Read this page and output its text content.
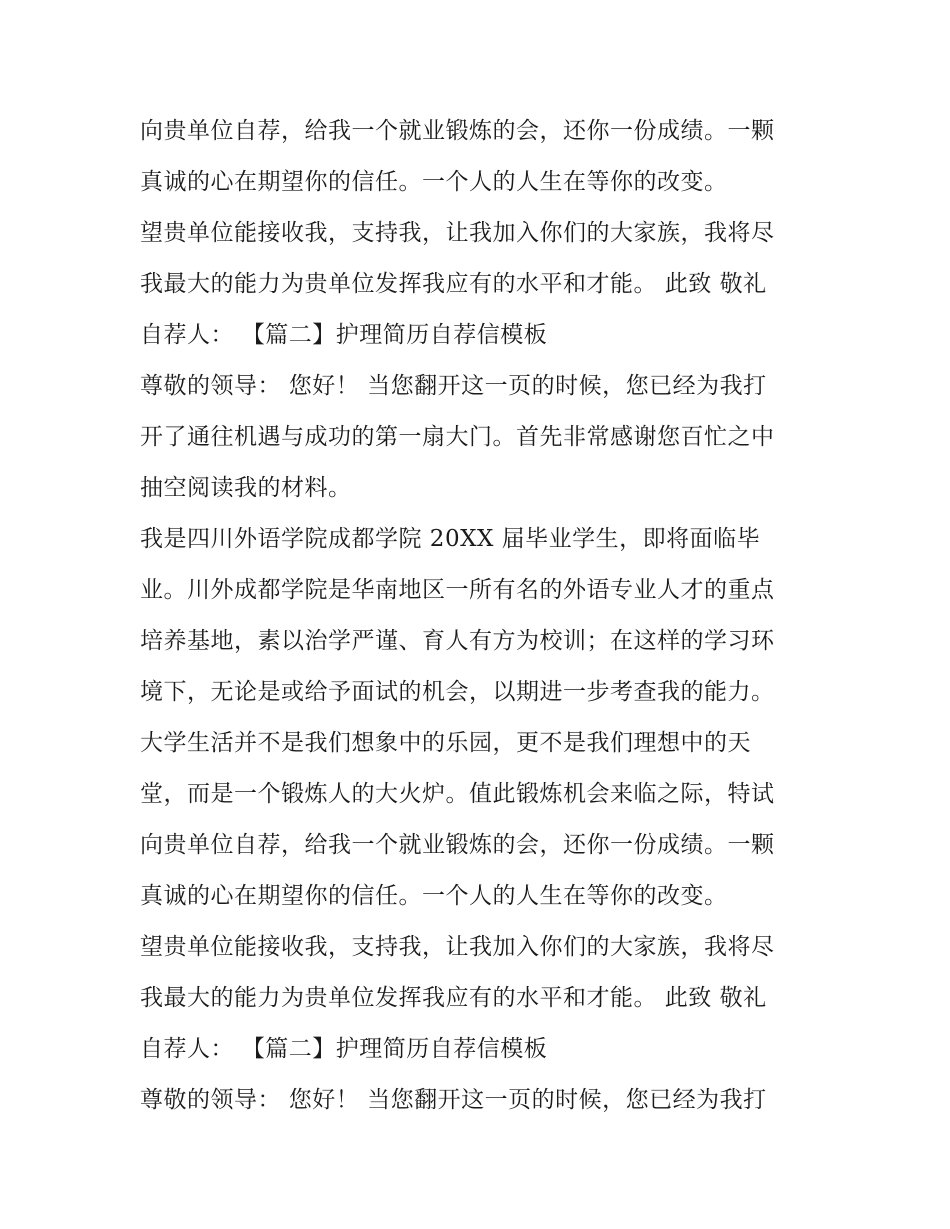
向贵单位自荐，给我一个就业锻炼的会，还你一份成绩。一颗
真诚的心在期望你的信任。一个人的人生在等你的改变。
望贵单位能接收我，支持我，让我加入你们的大家族，我将尽
我最大的能力为贵单位发挥我应有的水平和才能。 此致 敬礼
自荐人： 【篇二】护理简历自荐信模板
尊敬的领导： 您好！ 当您翻开这一页的时候，您已经为我打
开了通往机遇与成功的第一扇大门。首先非常感谢您百忙之中
抽空阅读我的材料。
我是四川外语学院成都学院 20XX 届毕业学生，即将面临毕
业。川外成都学院是华南地区一所有名的外语专业人才的重点
培养基地，素以治学严谨、育人有方为校训；在这样的学习环
境下，无论是或给予面试的机会，以期进一步考查我的能力。
大学生活并不是我们想象中的乐园，更不是我们理想中的天
堂，而是一个锻炼人的大火炉。值此锻炼机会来临之际，特试
向贵单位自荐，给我一个就业锻炼的会，还你一份成绩。一颗
真诚的心在期望你的信任。一个人的人生在等你的改变。
望贵单位能接收我，支持我，让我加入你们的大家族，我将尽
我最大的能力为贵单位发挥我应有的水平和才能。 此致 敬礼
自荐人： 【篇二】护理简历自荐信模板
尊敬的领导： 您好！ 当您翻开这一页的时候，您已经为我打
